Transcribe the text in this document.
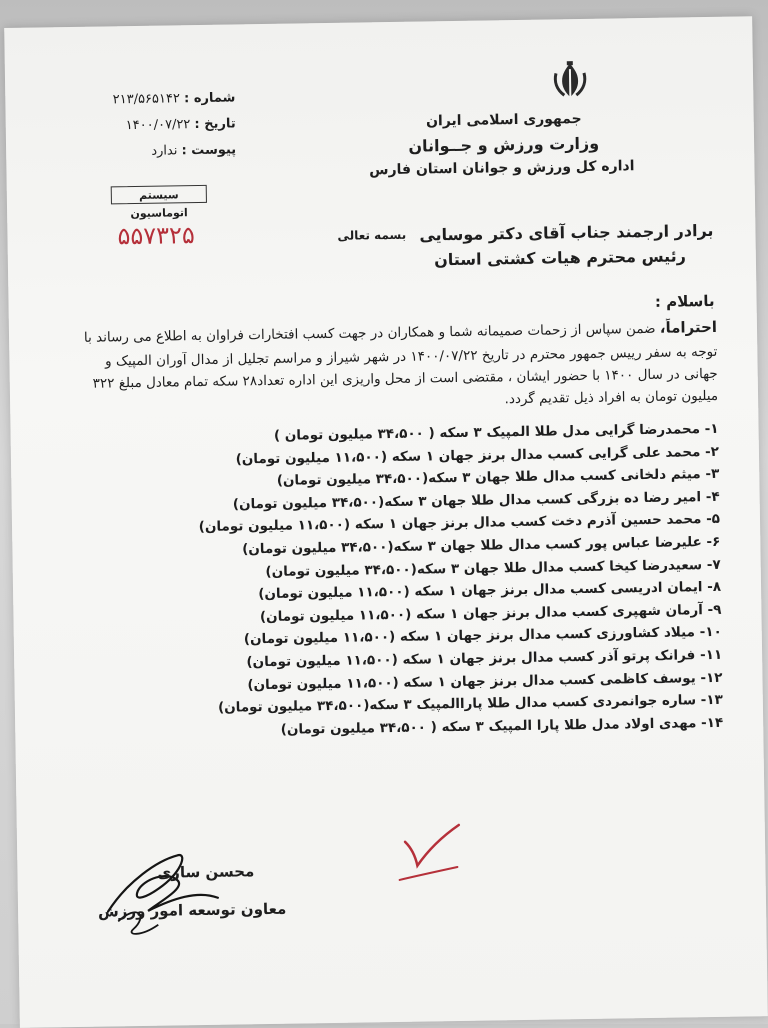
جمهوری اسلامی ایران
وزارت ورزش و جــوانان
اداره کل ورزش و جوانان استان فارس
شماره : ۲۱۳/۵۶۵۱۴۲
تاریخ : ۱۴۰۰/۰۷/۲۲
پیوست : ندارد
سیستم اتوماسیون
۵۵۷۳۲۵	بسمه تعالی برادر ارجمند جناب آقای دکتر موسایی
رئیس محترم هیات کشتی استان
باسلام :
احتراماً، ضمن سپاس از زحمات صمیمانه شما و همکاران در جهت کسب افتخارات فراوان به اطلاع می رساند با
توجه به سفر رییس جمهور محترم در تاریخ ۱۴۰۰/۰۷/۲۲ در شهر شیراز و مراسم تجلیل از مدال آوران المپیک و
جهانی در سال ۱۴۰۰ با حضور ایشان ، مقتضی است از محل واریزی این اداره تعداد۲۸ سکه تمام معادل مبلغ ۳۲۲
میلیون تومان به افراد ذیل تقدیم گردد.
۱- محمدرضا گرایی مدل طلا المپیک ۳ سکه ( ۳۴،۵۰۰ میلیون تومان )
۲- محمد علی گرایی کسب مدال برنز جهان ۱ سکه (۱۱،۵۰۰ میلیون تومان)
۳- میثم دلخانی کسب مدال طلا جهان ۳ سکه(۳۴،۵۰۰ میلیون تومان)
۴- امیر رضا ده بزرگی کسب مدال طلا جهان ۳ سکه(۳۴،۵۰۰ میلیون تومان)
۵- محمد حسین آذرم دخت کسب مدال برنز جهان ۱ سکه (۱۱،۵۰۰ میلیون تومان)
۶- علیرضا عباس پور کسب مدال طلا جهان ۳ سکه(۳۴،۵۰۰ میلیون تومان)
۷- سعیدرضا کیخا کسب مدال طلا جهان ۳ سکه(۳۴،۵۰۰ میلیون تومان)
۸- ایمان ادریسی کسب مدال برنز جهان ۱ سکه (۱۱،۵۰۰ میلیون تومان)
۹- آرمان شهپری کسب مدال برنز جهان ۱ سکه (۱۱،۵۰۰ میلیون تومان)
۱۰- میلاد کشاورزی کسب مدال برنز جهان ۱ سکه (۱۱،۵۰۰ میلیون تومان)
۱۱- فرانک پرتو آذر کسب مدال برنز جهان ۱ سکه (۱۱،۵۰۰ میلیون تومان)
۱۲- یوسف کاظمی کسب مدال برنز جهان ۱ سکه (۱۱،۵۰۰ میلیون تومان)
۱۳- ساره جوانمردی کسب مدال طلا پاراالمپیک ۳ سکه(۳۴،۵۰۰ میلیون تومان)
۱۴- مهدی اولاد مدل طلا پارا المپیک ۳ سکه ( ۳۴،۵۰۰ میلیون تومان)
محسن ساری
معاون توسعه امور ورزش
